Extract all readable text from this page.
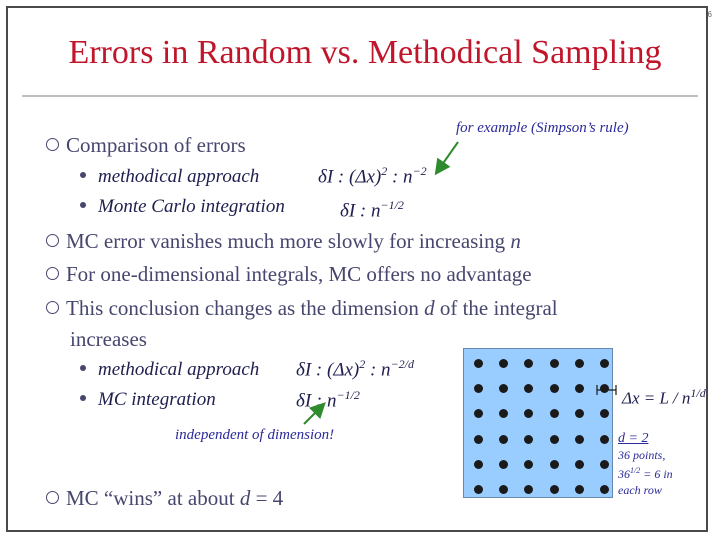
6
Errors in Random vs. Methodical Sampling
Comparison of errors
for example (Simpson’s rule)
methodical approach
Monte Carlo integration
δI : $(\Delta x)^2$ : $n^{-2}$
δI : $n^{-1/2}$
MC error vanishes much more slowly for increasing n
For one-dimensional integrals, MC offers no advantage
This conclusion changes as the dimension d of the integral
increases
methodical approach
MC integration
δI : $(\Delta x)^2$ : $n^{-2/d}$
δI : $n^{-1/2}$
independent of dimension!
MC “wins” at about d = 4
$\Delta x = L / n^{1/d}$
d = 2
36 points,
$36^{1/2} = 6$ in
each row
